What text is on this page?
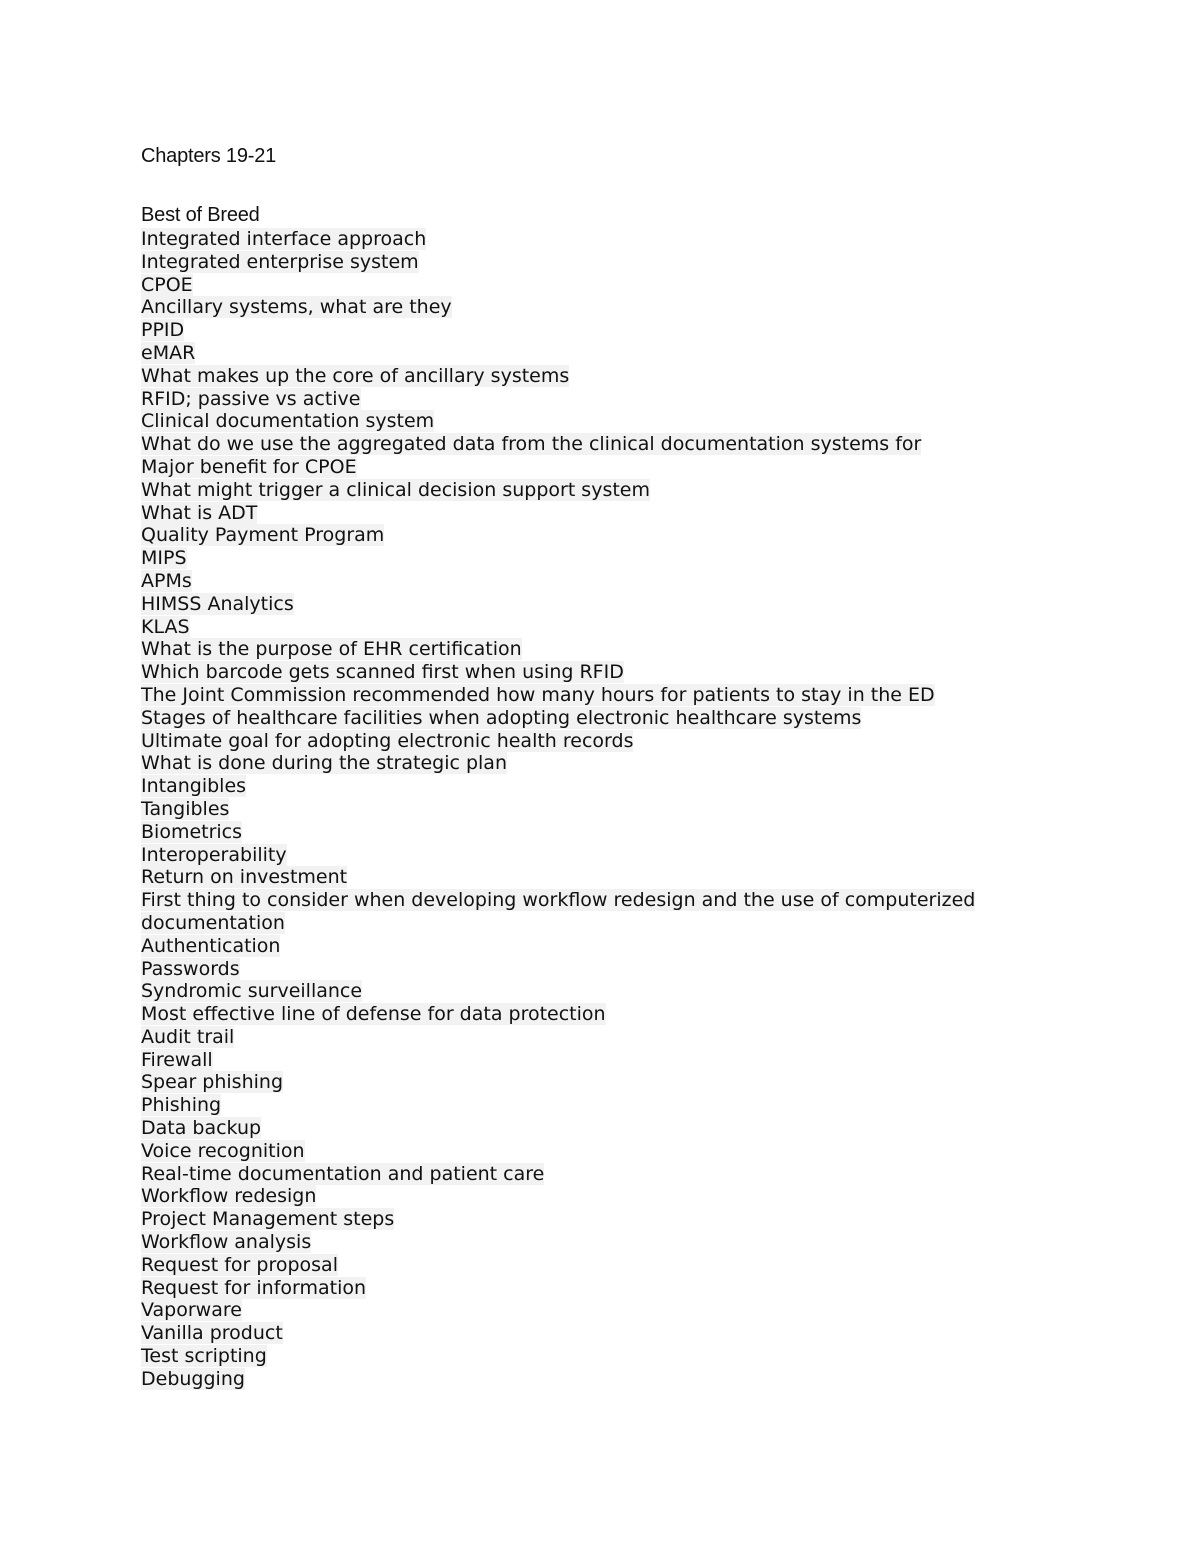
Chapters 19-21
Best of Breed
Integrated interface approach
Integrated enterprise system
CPOE
Ancillary systems, what are they
PPID
eMAR
What makes up the core of ancillary systems
RFID; passive vs active
Clinical documentation system
What do we use the aggregated data from the clinical documentation systems for
Major benefit for CPOE
What might trigger a clinical decision support system
What is ADT
Quality Payment Program
MIPS
APMs
HIMSS Analytics
KLAS
What is the purpose of EHR certification
Which barcode gets scanned first when using RFID
The Joint Commission recommended how many hours for patients to stay in the ED
Stages of healthcare facilities when adopting electronic healthcare systems
Ultimate goal for adopting electronic health records
What is done during the strategic plan
Intangibles
Tangibles
Biometrics
Interoperability
Return on investment
First thing to consider when developing workflow redesign and the use of computerized documentation
Authentication
Passwords
Syndromic surveillance
Most effective line of defense for data protection
Audit trail
Firewall
Spear phishing
Phishing
Data backup
Voice recognition
Real-time documentation and patient care
Workflow redesign
Project Management steps
Workflow analysis
Request for proposal
Request for information
Vaporware
Vanilla product
Test scripting
Debugging
